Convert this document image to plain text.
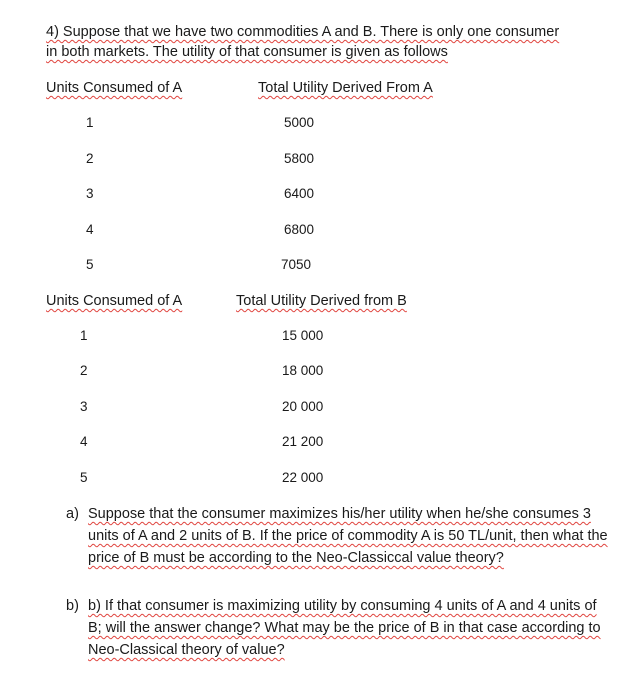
4) Suppose that we have two commodities A and B. There is only one consumer
in both markets. The utility of that consumer is given as follows
Units Consumed of A	Total Utility Derived From A
1
2
3
4
5
5000
5800
6400
6800
7050
Units Consumed of A	Total Utility Derived from B
1
2
3
4
5
15 000
18 000
20 000
21 200
22 000
a) Suppose that the consumer maximizes his/her utility when he/she consumes 3 units of A and 2 units of B. If the price of commodity A is 50 TL/unit, then what the price of B must be according to the Neo-Classiccal value theory?
b) b) If that consumer is maximizing utility by consuming 4 units of A and 4 units of B; will the answer change? What may be the price of B in that case according to Neo-Classical theory of value?
